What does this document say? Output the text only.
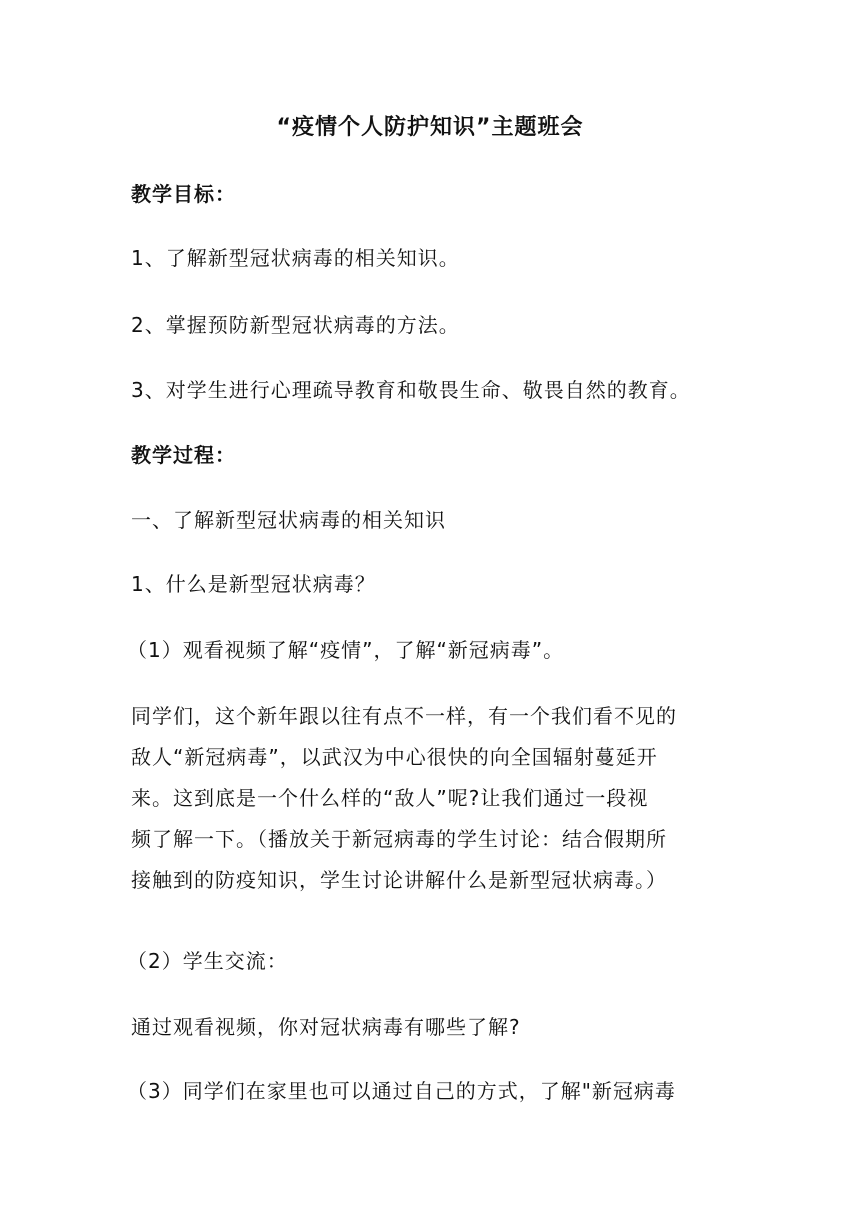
“疫情个人防护知识”主题班会
教学目标：
1、了解新型冠状病毒的相关知识。
2、掌握预防新型冠状病毒的方法。
3、对学生进行心理疏导教育和敬畏生命、敬畏自然的教育。
教学过程：
一、了解新型冠状病毒的相关知识
1、什么是新型冠状病毒？
（1）观看视频了解“疫情”，了解“新冠病毒”。
同学们，这个新年跟以往有点不一样，有一个我们看不见的
敌人“新冠病毒”，以武汉为中心很快的向全国辐射蔓延开
来。这到底是一个什么样的“敌人”呢?让我们通过一段视
频了解一下。（播放关于新冠病毒的学生讨论：结合假期所
接触到的防疫知识，学生讨论讲解什么是新型冠状病毒。）
（2）学生交流：
通过观看视频，你对冠状病毒有哪些了解?
（3）同学们在家里也可以通过自己的方式，了解"新冠病毒
